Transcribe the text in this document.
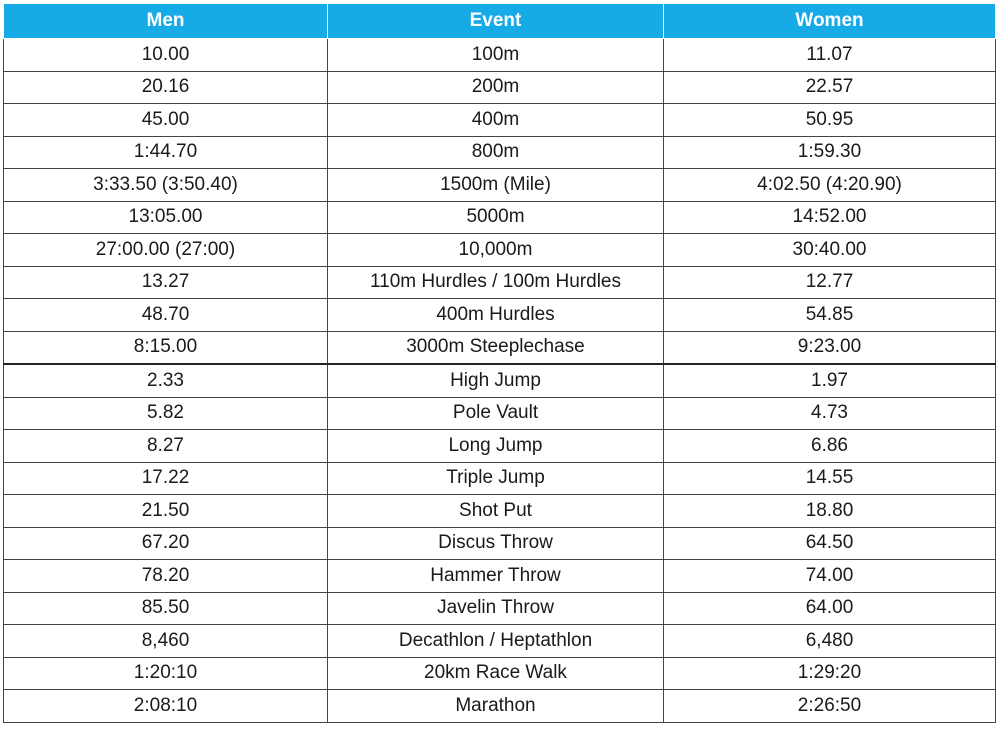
Men	Event	Women
10.00	100m	11.07
20.16	200m	22.57
45.00	400m	50.95
1:44.70	800m	1:59.30
3:33.50 (3:50.40)	1500m (Mile)	4:02.50 (4:20.90)
13:05.00	5000m	14:52.00
27:00.00 (27:00)	10,000m	30:40.00
13.27	110m Hurdles / 100m Hurdles	12.77
48.70	400m Hurdles	54.85
8:15.00	3000m Steeplechase	9:23.00
2.33	High Jump	1.97
5.82	Pole Vault	4.73
8.27	Long Jump	6.86
17.22	Triple Jump	14.55
21.50	Shot Put	18.80
67.20	Discus Throw	64.50
78.20	Hammer Throw	74.00
85.50	Javelin Throw	64.00
8,460	Decathlon / Heptathlon	6,480
1:20:10	20km Race Walk	1:29:20
2:08:10	Marathon	2:26:50
